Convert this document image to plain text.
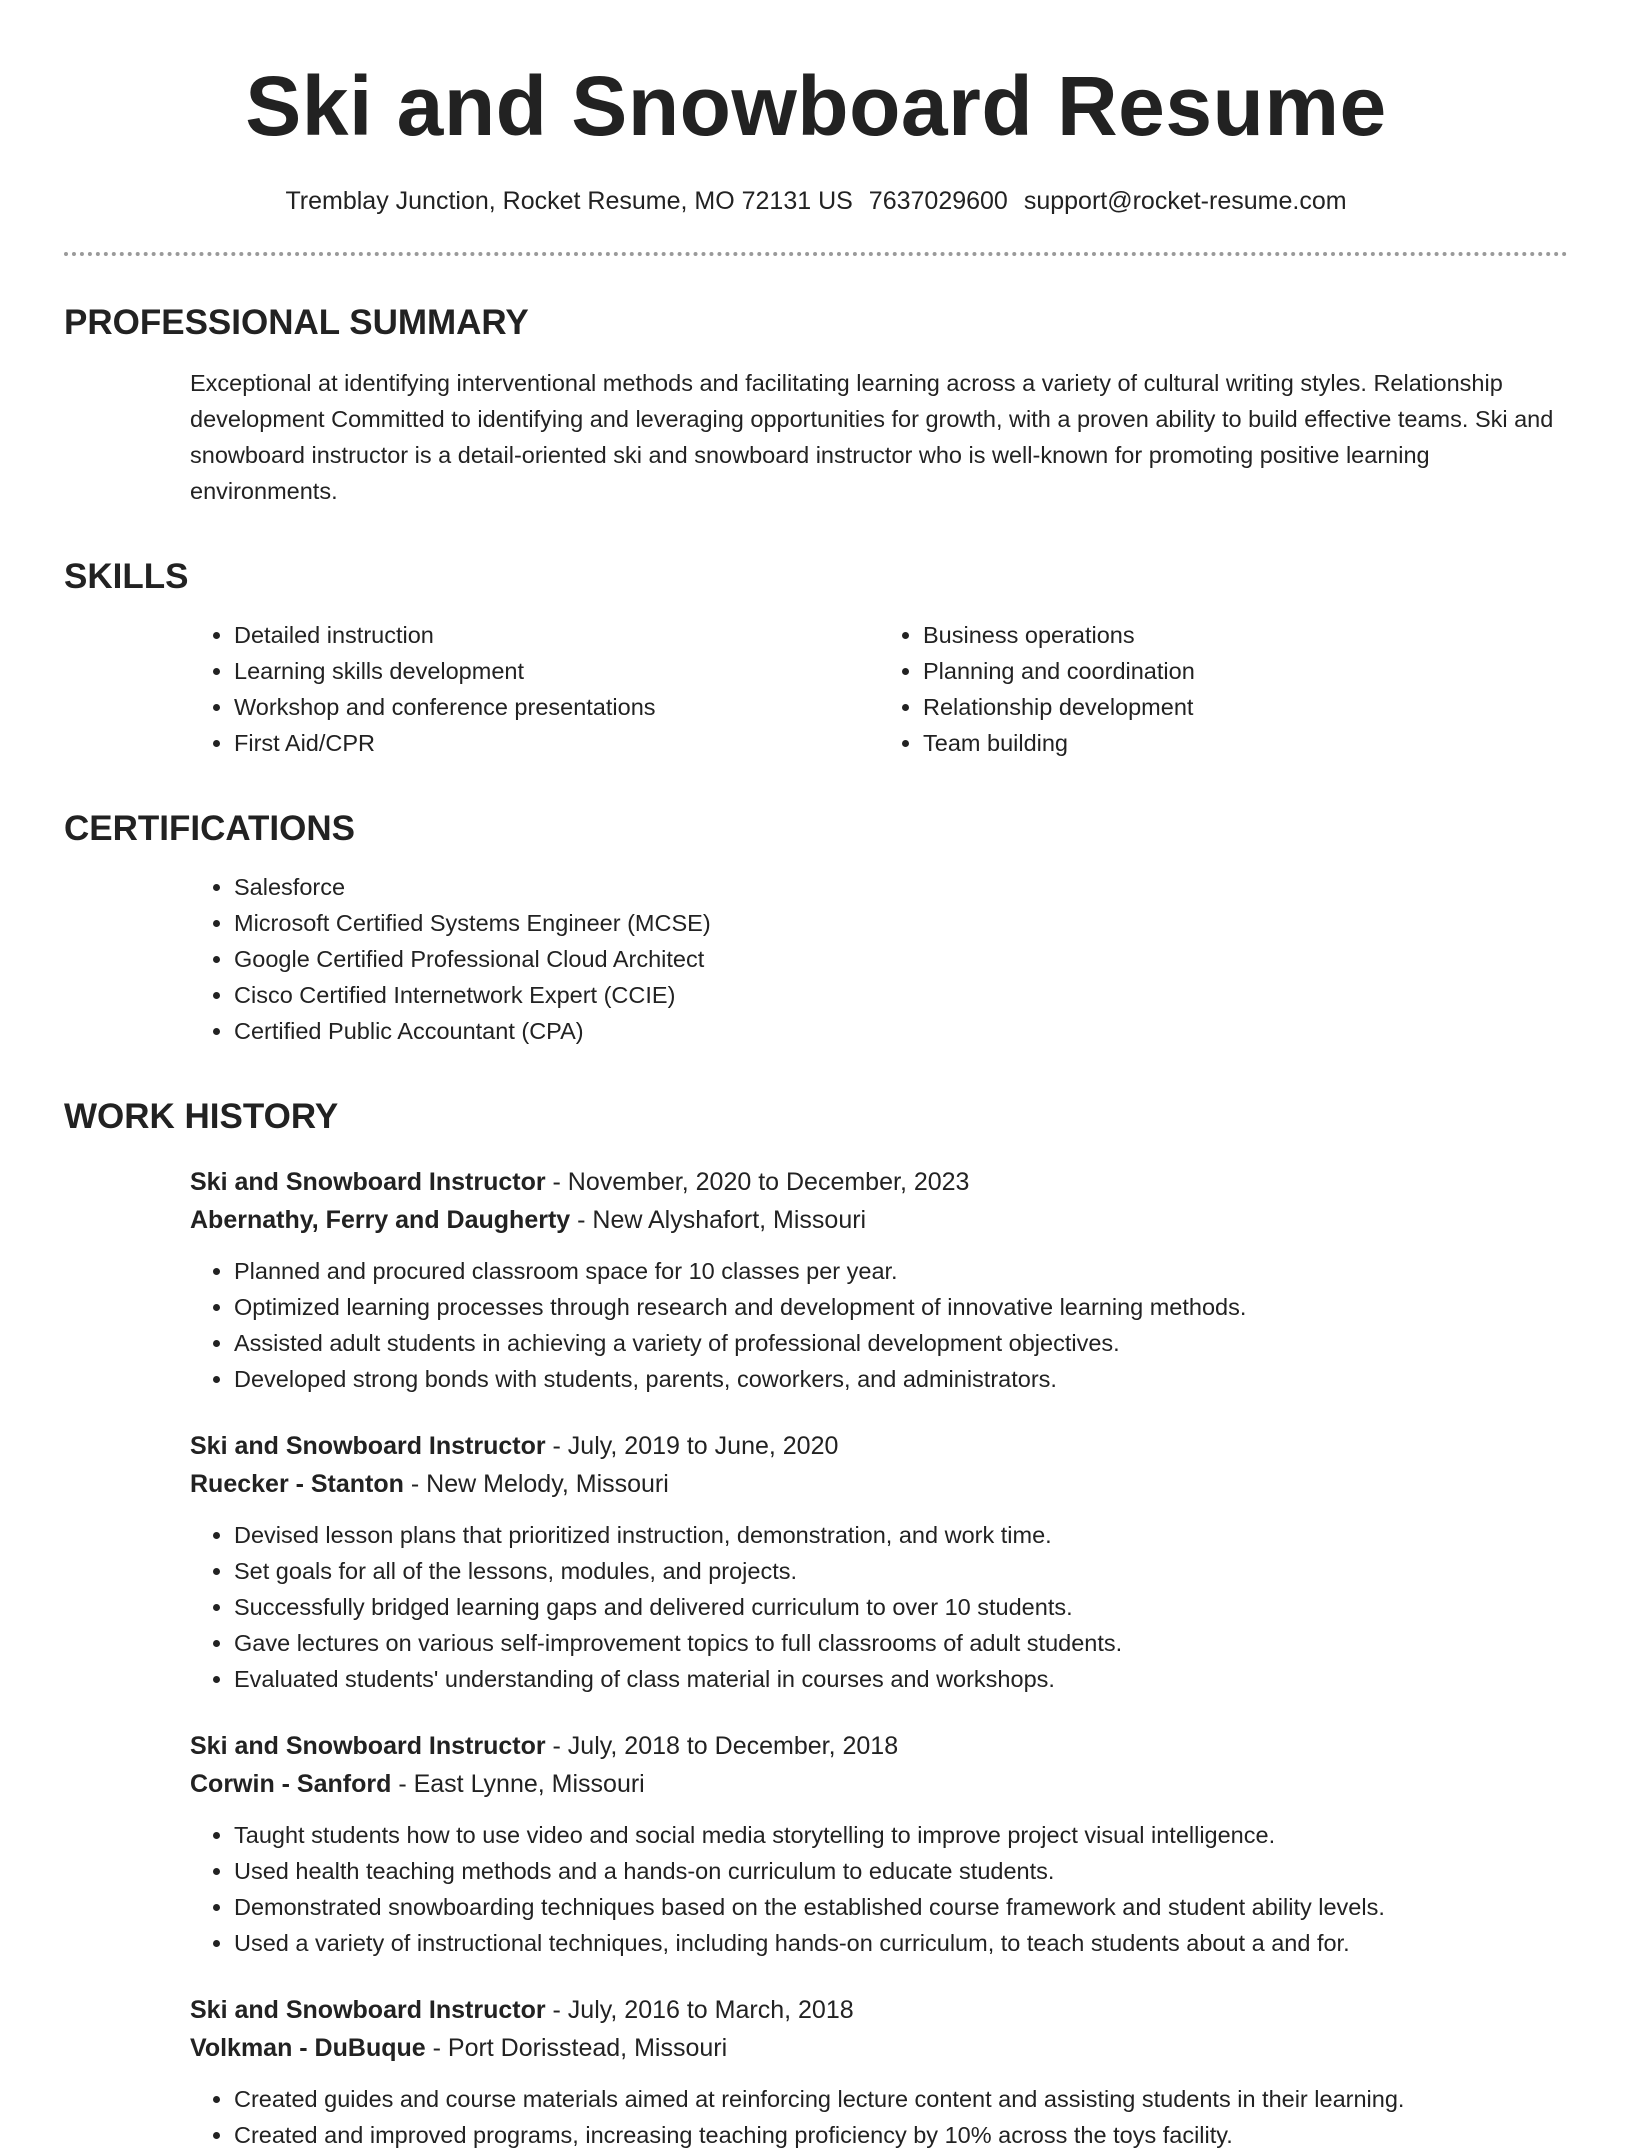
Ski and Snowboard Resume
Tremblay Junction, Rocket Resume, MO 72131 US 7637029600 support@rocket-resume.com
PROFESSIONAL SUMMARY
Exceptional at identifying interventional methods and facilitating learning across a variety of cultural writing styles. Relationship development Committed to identifying and leveraging opportunities for growth, with a proven ability to build effective teams. Ski and snowboard instructor is a detail-oriented ski and snowboard instructor who is well-known for promoting positive learning environments.
SKILLS
• Detailed instruction
• Learning skills development
• Workshop and conference presentations
• First Aid/CPR
• Business operations
• Planning and coordination
• Relationship development
• Team building
CERTIFICATIONS
• Salesforce
• Microsoft Certified Systems Engineer (MCSE)
• Google Certified Professional Cloud Architect
• Cisco Certified Internetwork Expert (CCIE)
• Certified Public Accountant (CPA)
WORK HISTORY
Ski and Snowboard Instructor - November, 2020 to December, 2023
Abernathy, Ferry and Daugherty - New Alyshafort, Missouri
• Planned and procured classroom space for 10 classes per year.
• Optimized learning processes through research and development of innovative learning methods.
• Assisted adult students in achieving a variety of professional development objectives.
• Developed strong bonds with students, parents, coworkers, and administrators.
Ski and Snowboard Instructor - July, 2019 to June, 2020
Ruecker - Stanton - New Melody, Missouri
• Devised lesson plans that prioritized instruction, demonstration, and work time.
• Set goals for all of the lessons, modules, and projects.
• Successfully bridged learning gaps and delivered curriculum to over 10 students.
• Gave lectures on various self-improvement topics to full classrooms of adult students.
• Evaluated students' understanding of class material in courses and workshops.
Ski and Snowboard Instructor - July, 2018 to December, 2018
Corwin - Sanford - East Lynne, Missouri
• Taught students how to use video and social media storytelling to improve project visual intelligence.
• Used health teaching methods and a hands-on curriculum to educate students.
• Demonstrated snowboarding techniques based on the established course framework and student ability levels.
• Used a variety of instructional techniques, including hands-on curriculum, to teach students about a and for.
Ski and Snowboard Instructor - July, 2016 to March, 2018
Volkman - DuBuque - Port Dorisstead, Missouri
• Created guides and course materials aimed at reinforcing lecture content and assisting students in their learning.
• Created and improved programs, increasing teaching proficiency by 10% across the toys facility.
